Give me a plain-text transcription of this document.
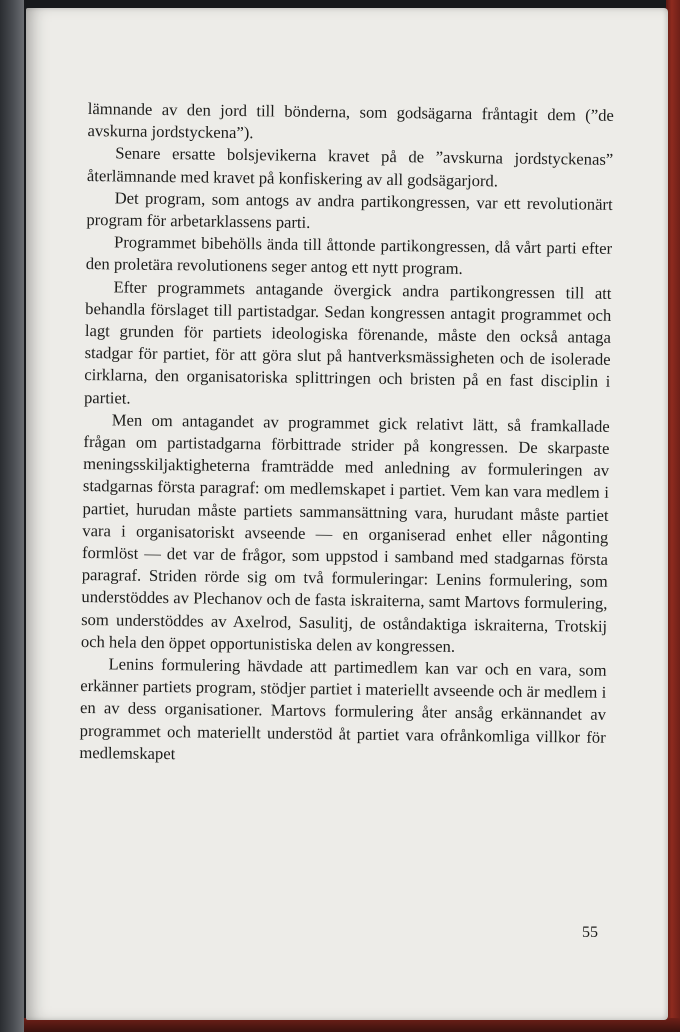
lämnande av den jord till bönderna, som godsägarna fråntagit dem (”de avskurna jordstyckena”).

Senare ersatte bolsjevikerna kravet på de ”avskurna jordstyckenas” återlämnande med kravet på konfiskering av all godsägarjord.

Det program, som antogs av andra partikongressen, var ett revolutionärt program för arbetarklassens parti.

Programmet bibehölls ända till åttonde partikongressen, då vårt parti efter den proletära revolutionens seger antog ett nytt program.

Efter programmets antagande övergick andra partikongressen till att behandla förslaget till partistadgar. Sedan kongressen antagit programmet och lagt grunden för partiets ideologiska förenande, måste den också antaga stadgar för partiet, för att göra slut på hantverksmässigheten och de isolerade cirklarna, den organisatoriska splittringen och bristen på en fast disciplin i partiet.

Men om antagandet av programmet gick relativt lätt, så framkallade frågan om partistadgarna förbittrade strider på kongressen. De skarpaste meningsskiljaktigheterna framträdde med anledning av formuleringen av stadgarnas första paragraf: om medlemskapet i partiet. Vem kan vara medlem i partiet, hurudan måste partiets sammansättning vara, hurudant måste partiet vara i organisatoriskt avseende — en organiserad enhet eller någonting formlöst — det var de frågor, som uppstod i samband med stadgarnas första paragraf. Striden rörde sig om två formuleringar: Lenins formulering, som understöddes av Plechanov och de fasta iskraiterna, samt Martovs formulering, som understöddes av Axelrod, Sasulitj, de oståndaktiga iskraiterna, Trotskij och hela den öppet opportunistiska delen av kongressen.

Lenins formulering hävdade att partimedlem kan var och en vara, som erkänner partiets program, stödjer partiet i materiellt avseende och är medlem i en av dess organisationer. Martovs formulering åter ansåg erkännandet av programmet och materiellt understöd åt partiet vara ofrånkomliga villkor för medlemskapet

55
